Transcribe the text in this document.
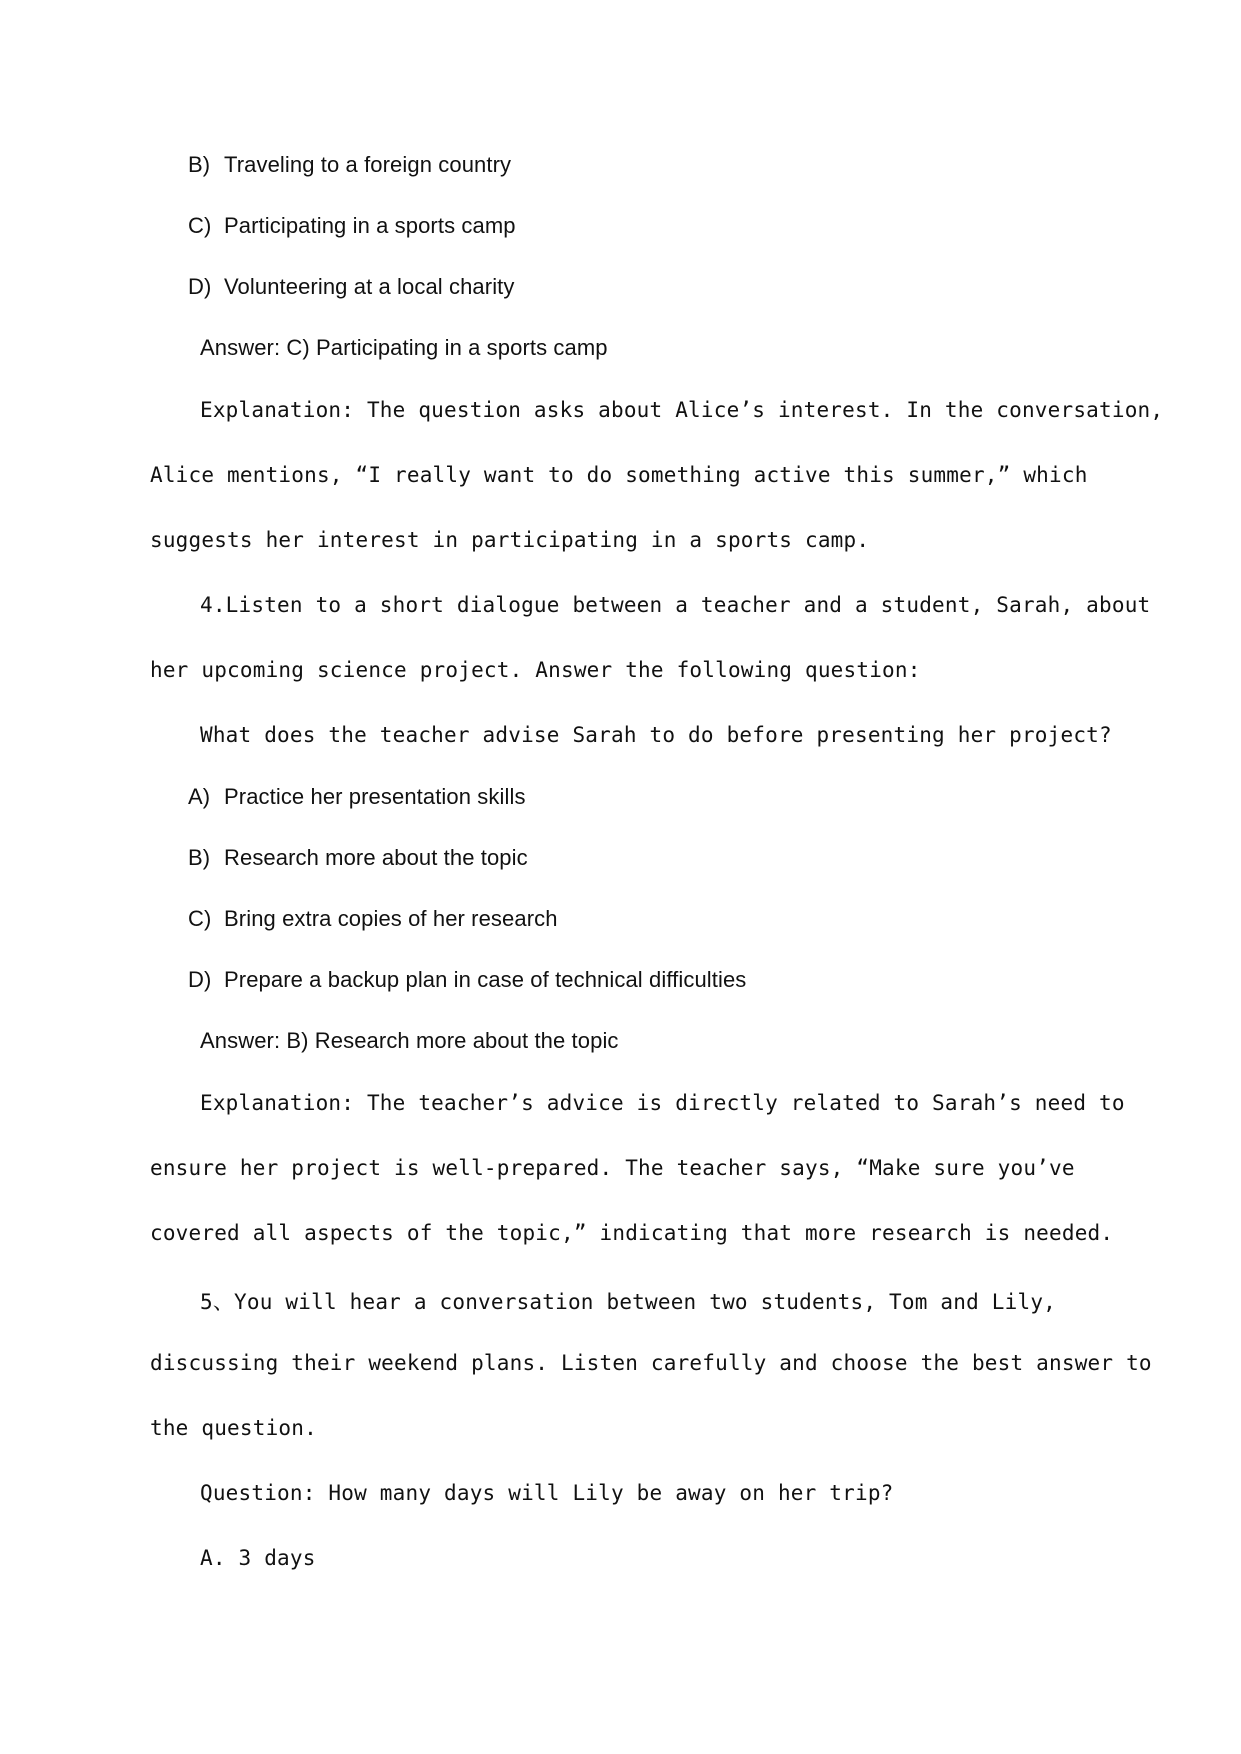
B) Traveling to a foreign country
C) Participating in a sports camp
D) Volunteering at a local charity
Answer: C) Participating in a sports camp
Explanation: The question asks about Alice’s interest. In the conversation,
Alice mentions, “I really want to do something active this summer,” which
suggests her interest in participating in a sports camp.
4.Listen to a short dialogue between a teacher and a student, Sarah, about
her upcoming science project. Answer the following question:
What does the teacher advise Sarah to do before presenting her project?
A) Practice her presentation skills
B) Research more about the topic
C) Bring extra copies of her research
D) Prepare a backup plan in case of technical difficulties
Answer: B) Research more about the topic
Explanation: The teacher’s advice is directly related to Sarah’s need to
ensure her project is well-prepared. The teacher says, “Make sure you’ve
covered all aspects of the topic,” indicating that more research is needed.
5、You will hear a conversation between two students, Tom and Lily,
discussing their weekend plans. Listen carefully and choose the best answer to
the question.
Question: How many days will Lily be away on her trip?
A. 3 days
